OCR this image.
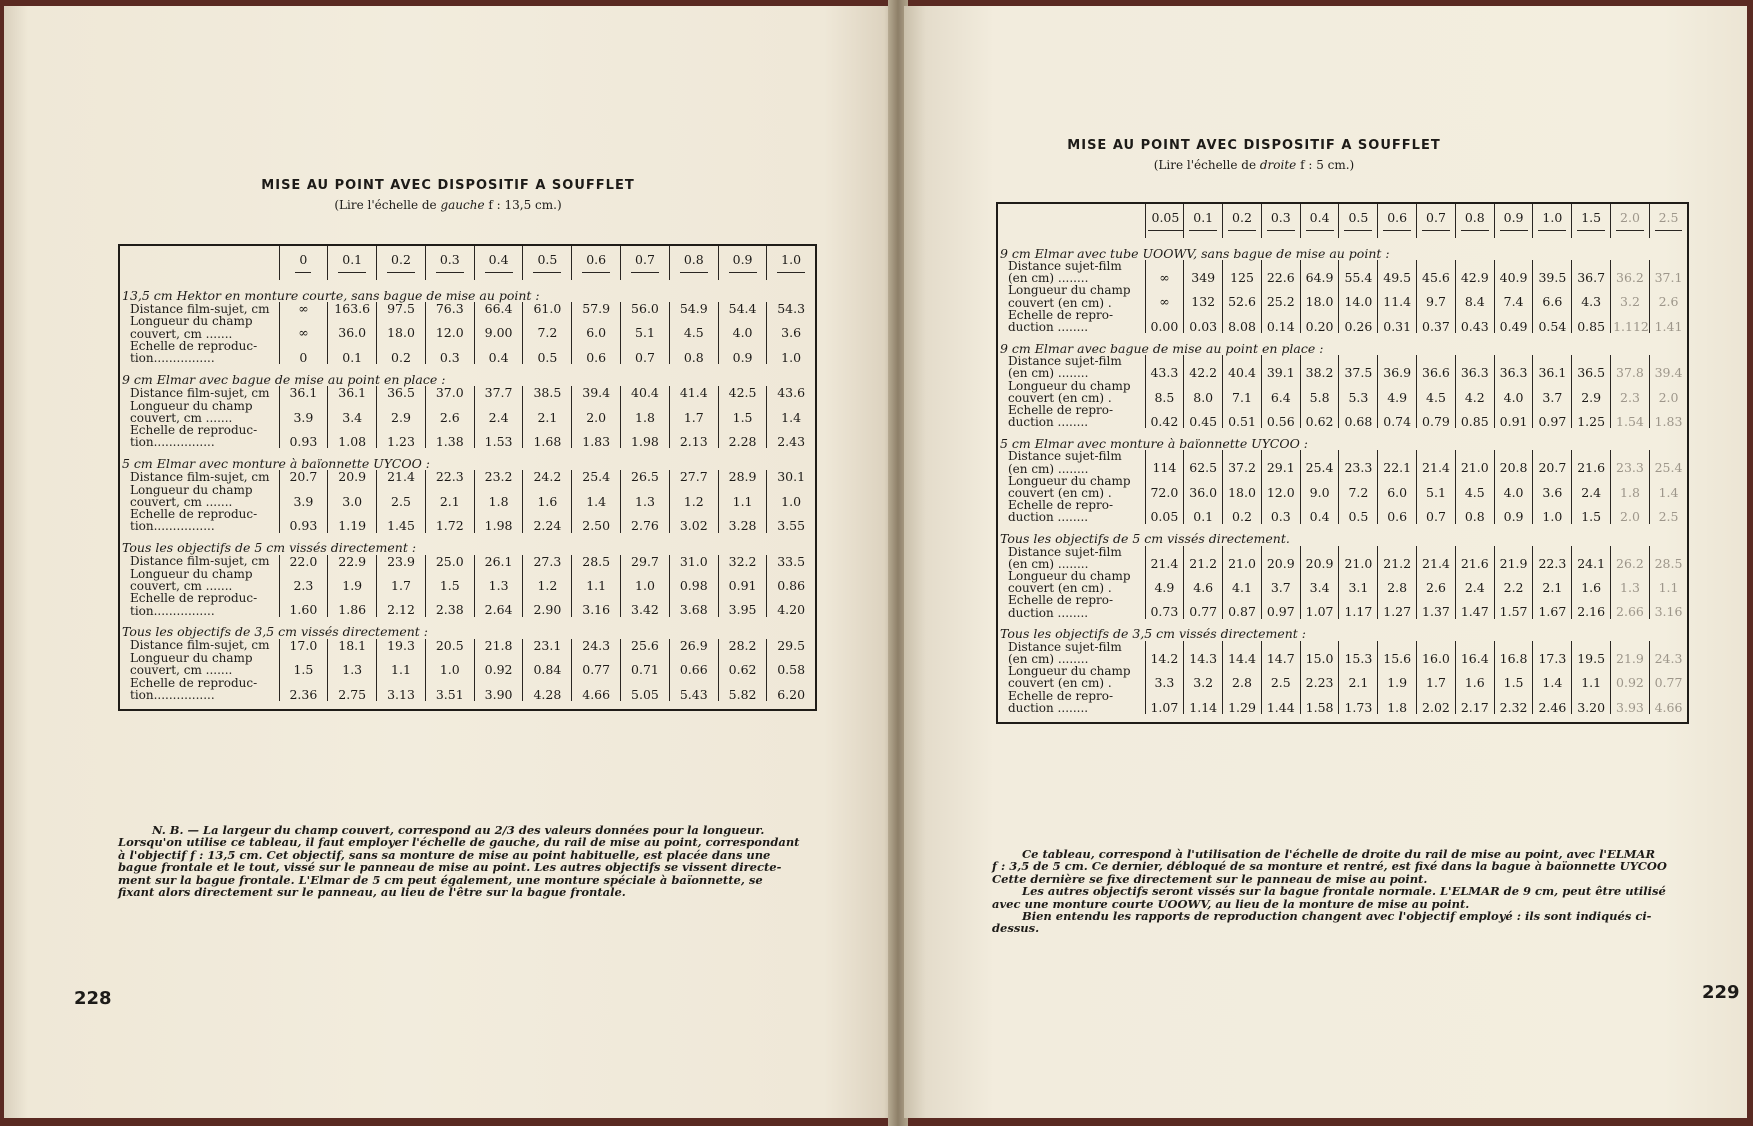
MISE AU POINT AVEC DISPOSITIF A SOUFFLET
(Lire l'échelle de gauche f : 13,5 cm.)
	0	0.1	0.2	0.3	0.4	0.5	0.6	0.7	0.8	0.9	1.0
13,5 cm Hektor en monture courte, sans bague de mise au point :											

Distance film-sujet, cm	∞	163.6	97.5	76.3	66.4	61.0	57.9	56.0	54.9	54.4	54.3

Longueur du champ
couvert, cm .......	∞	36.0	18.0	12.0	9.00	7.2	6.0	5.1	4.5	4.0	3.6

Echelle de reproduc-
tion................	0	0.1	0.2	0.3	0.4	0.5	0.6	0.7	0.8	0.9	1.0
9 cm Elmar avec bague de mise au point en place :											

Distance film-sujet, cm	36.1	36.1	36.5	37.0	37.7	38.5	39.4	40.4	41.4	42.5	43.6

Longueur du champ
couvert, cm .......	3.9	3.4	2.9	2.6	2.4	2.1	2.0	1.8	1.7	1.5	1.4

Echelle de reproduc-
tion................	0.93	1.08	1.23	1.38	1.53	1.68	1.83	1.98	2.13	2.28	2.43
5 cm Elmar avec monture à baïonnette UYCOO :											

Distance film-sujet, cm	20.7	20.9	21.4	22.3	23.2	24.2	25.4	26.5	27.7	28.9	30.1

Longueur du champ
couvert, cm .......	3.9	3.0	2.5	2.1	1.8	1.6	1.4	1.3	1.2	1.1	1.0

Echelle de reproduc-
tion................	0.93	1.19	1.45	1.72	1.98	2.24	2.50	2.76	3.02	3.28	3.55
Tous les objectifs de 5 cm vissés directement :											

Distance film-sujet, cm	22.0	22.9	23.9	25.0	26.1	27.3	28.5	29.7	31.0	32.2	33.5

Longueur du champ
couvert, cm .......	2.3	1.9	1.7	1.5	1.3	1.2	1.1	1.0	0.98	0.91	0.86

Echelle de reproduc-
tion................	1.60	1.86	2.12	2.38	2.64	2.90	3.16	3.42	3.68	3.95	4.20
Tous les objectifs de 3,5 cm vissés directement :											

Distance film-sujet, cm	17.0	18.1	19.3	20.5	21.8	23.1	24.3	25.6	26.9	28.2	29.5

Longueur du champ
couvert, cm .......	1.5	1.3	1.1	1.0	0.92	0.84	0.77	0.71	0.66	0.62	0.58

Echelle de reproduc-
tion................	2.36	2.75	3.13	3.51	3.90	4.28	4.66	5.05	5.43	5.82	6.20

N. B. — La largeur du champ couvert, correspond au 2/3 des valeurs données pour la longueur.
Lorsqu'on utilise ce tableau, il faut employer l'échelle de gauche, du rail de mise au point, correspondant
à l'objectif f : 13,5 cm. Cet objectif, sans sa monture de mise au point habituelle, est placée dans une
bague frontale et le tout, vissé sur le panneau de mise au point. Les autres objectifs se vissent directe-
ment sur la bague frontale. L'Elmar de 5 cm peut également, une monture spéciale à baïonnette, se
fixant alors directement sur le panneau, au lieu de l'être sur la bague frontale.
228
MISE AU POINT AVEC DISPOSITIF A SOUFFLET
(Lire l'échelle de droite f : 5 cm.)
	0.05	0.1	0.2	0.3	0.4	0.5	0.6	0.7	0.8	0.9	1.0	1.5	2.0	2.5
9 cm Elmar avec tube UOOWV, sans bague de mise au point :														

Distance sujet-film
(en cm) ........	∞	349	125	22.6	64.9	55.4	49.5	45.6	42.9	40.9	39.5	36.7	36.2	37.1

Longueur du champ
couvert (en cm) .	∞	132	52.6	25.2	18.0	14.0	11.4	9.7	8.4	7.4	6.6	4.3	3.2	2.6

Echelle de repro-
duction ........	0.00	0.03	8.08	0.14	0.20	0.26	0.31	0.37	0.43	0.49	0.54	0.85	1.112	1.41
9 cm Elmar avec bague de mise au point en place :														

Distance sujet-film
(en cm) ........	43.3	42.2	40.4	39.1	38.2	37.5	36.9	36.6	36.3	36.3	36.1	36.5	37.8	39.4

Longueur du champ
couvert (en cm) .	8.5	8.0	7.1	6.4	5.8	5.3	4.9	4.5	4.2	4.0	3.7	2.9	2.3	2.0

Echelle de repro-
duction ........	0.42	0.45	0.51	0.56	0.62	0.68	0.74	0.79	0.85	0.91	0.97	1.25	1.54	1.83
5 cm Elmar avec monture à baïonnette UYCOO :														

Distance sujet-film
(en cm) ........	114	62.5	37.2	29.1	25.4	23.3	22.1	21.4	21.0	20.8	20.7	21.6	23.3	25.4

Longueur du champ
couvert (en cm) .	72.0	36.0	18.0	12.0	9.0	7.2	6.0	5.1	4.5	4.0	3.6	2.4	1.8	1.4

Echelle de repro-
duction ........	0.05	0.1	0.2	0.3	0.4	0.5	0.6	0.7	0.8	0.9	1.0	1.5	2.0	2.5
Tous les objectifs de 5 cm vissés directement.														

Distance sujet-film
(en cm) ........	21.4	21.2	21.0	20.9	20.9	21.0	21.2	21.4	21.6	21.9	22.3	24.1	26.2	28.5

Longueur du champ
couvert (en cm) .	4.9	4.6	4.1	3.7	3.4	3.1	2.8	2.6	2.4	2.2	2.1	1.6	1.3	1.1

Echelle de repro-
duction ........	0.73	0.77	0.87	0.97	1.07	1.17	1.27	1.37	1.47	1.57	1.67	2.16	2.66	3.16
Tous les objectifs de 3,5 cm vissés directement :														

Distance sujet-film
(en cm) ........	14.2	14.3	14.4	14.7	15.0	15.3	15.6	16.0	16.4	16.8	17.3	19.5	21.9	24.3

Longueur du champ
couvert (en cm) .	3.3	3.2	2.8	2.5	2.23	2.1	1.9	1.7	1.6	1.5	1.4	1.1	0.92	0.77

Echelle de repro-
duction ........	1.07	1.14	1.29	1.44	1.58	1.73	1.8	2.02	2.17	2.32	2.46	3.20	3.93	4.66

Ce tableau, correspond à l'utilisation de l'échelle de droite du rail de mise au point, avec l'ELMAR
f : 3,5 de 5 cm. Ce dernier, débloqué de sa monture et rentré, est fixé dans la bague à baïonnette UYCOO
Cette dernière se fixe directement sur le panneau de mise au point.
Les autres objectifs seront vissés sur la bague frontale normale. L'ELMAR de 9 cm, peut être utilisé
avec une monture courte UOOWV, au lieu de la monture de mise au point.
Bien entendu les rapports de reproduction changent avec l'objectif employé : ils sont indiqués ci-
dessus.
229
